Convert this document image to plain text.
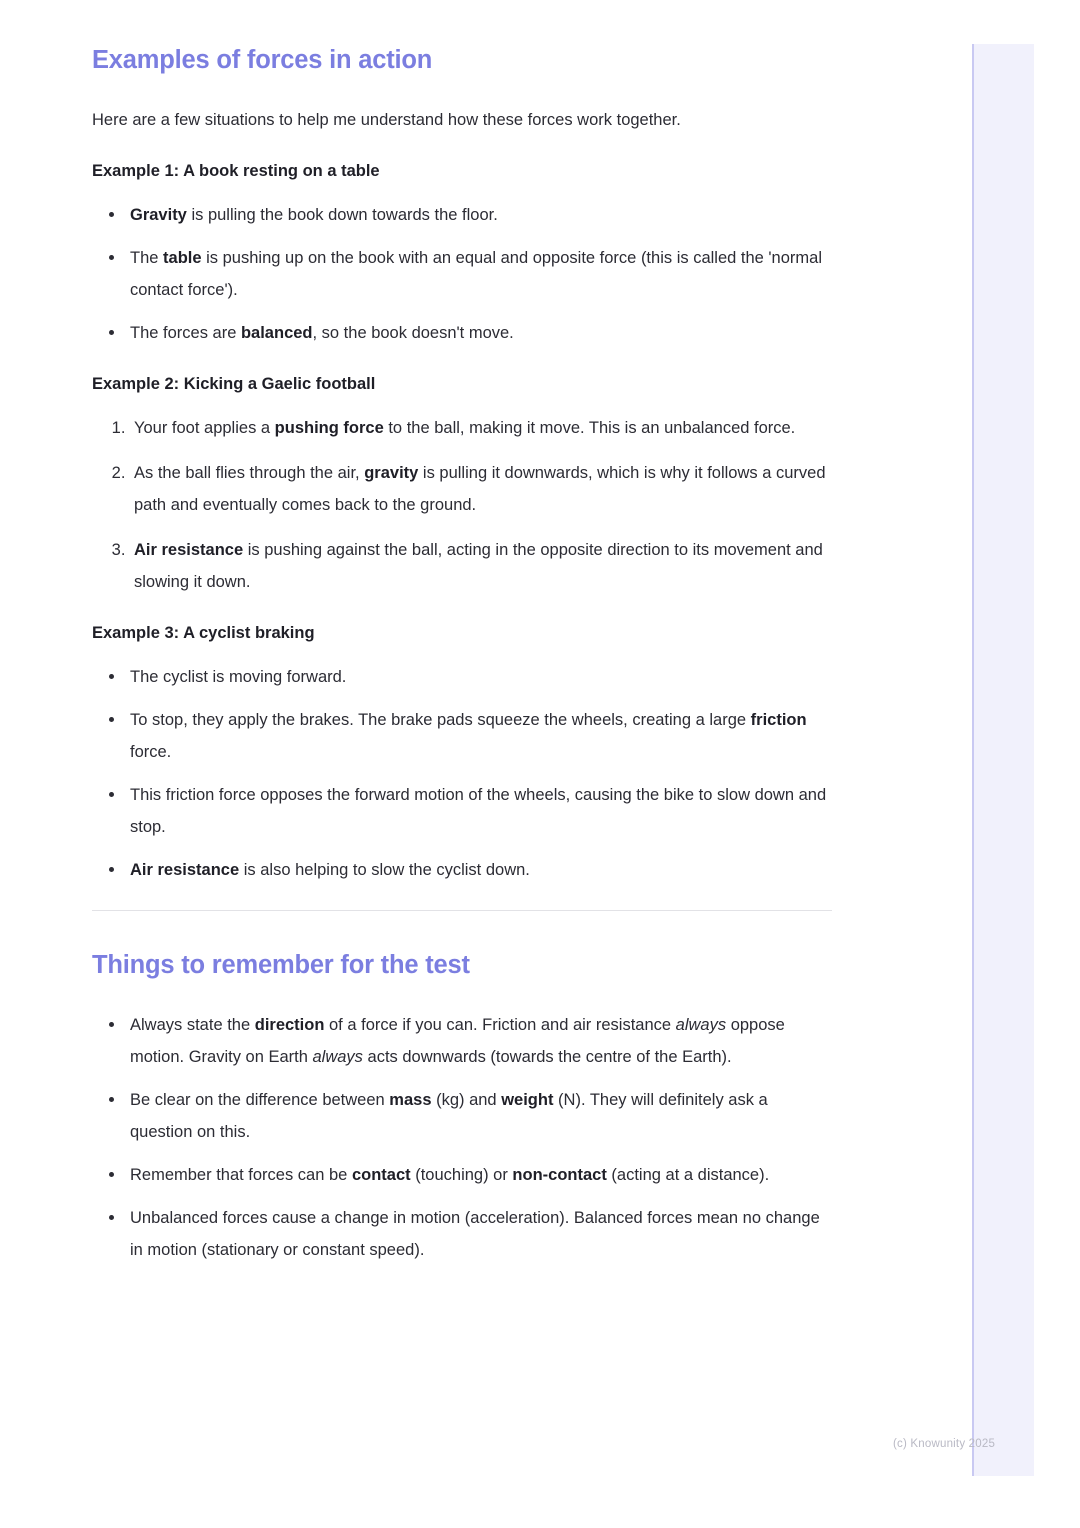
Examples of forces in action

Here are a few situations to help me understand how these forces work together.

Example 1: A book resting on a table
• Gravity is pulling the book down towards the floor.
• The table is pushing up on the book with an equal and opposite force (this is called the 'normal contact force').
• The forces are balanced, so the book doesn't move.
Example 2: Kicking a Gaelic football
1. Your foot applies a pushing force to the ball, making it move. This is an unbalanced force.
2. As the ball flies through the air, gravity is pulling it downwards, which is why it follows a curved path and eventually comes back to the ground.
3. Air resistance is pushing against the ball, acting in the opposite direction to its movement and slowing it down.
Example 3: A cyclist braking
• The cyclist is moving forward.
• To stop, they apply the brakes. The brake pads squeeze the wheels, creating a large friction force.
• This friction force opposes the forward motion of the wheels, causing the bike to slow down and stop.
• Air resistance is also helping to slow the cyclist down.
Things to remember for the test
• Always state the direction of a force if you can. Friction and air resistance always oppose motion. Gravity on Earth always acts downwards (towards the centre of the Earth).
• Be clear on the difference between mass (kg) and weight (N). They will definitely ask a question on this.
• Remember that forces can be contact (touching) or non-contact (acting at a distance).
• Unbalanced forces cause a change in motion (acceleration). Balanced forces mean no change in motion (stationary or constant speed).
(c) Knowunity 2025
